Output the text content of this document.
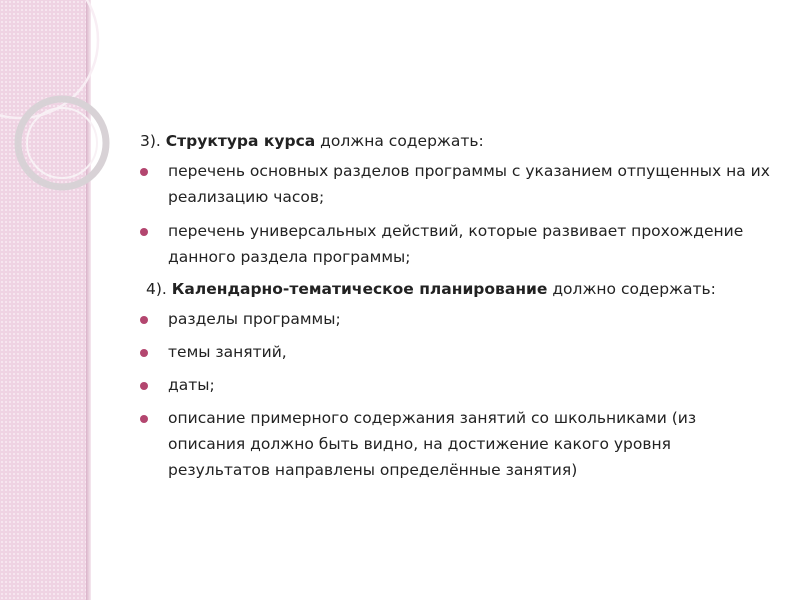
3). Структура курса должна содержать:

перечень основных разделов программы с указанием отпущенных на их реализацию часов;
перечень универсальных действий, которые развивает прохождение данного раздела программы;

4). Календарно-тематическое планирование должно содержать:

разделы программы;
темы занятий,
даты;
описание примерного содержания занятий со школьниками (из описания должно быть видно, на достижение какого уровня результатов направлены определённые занятия)
